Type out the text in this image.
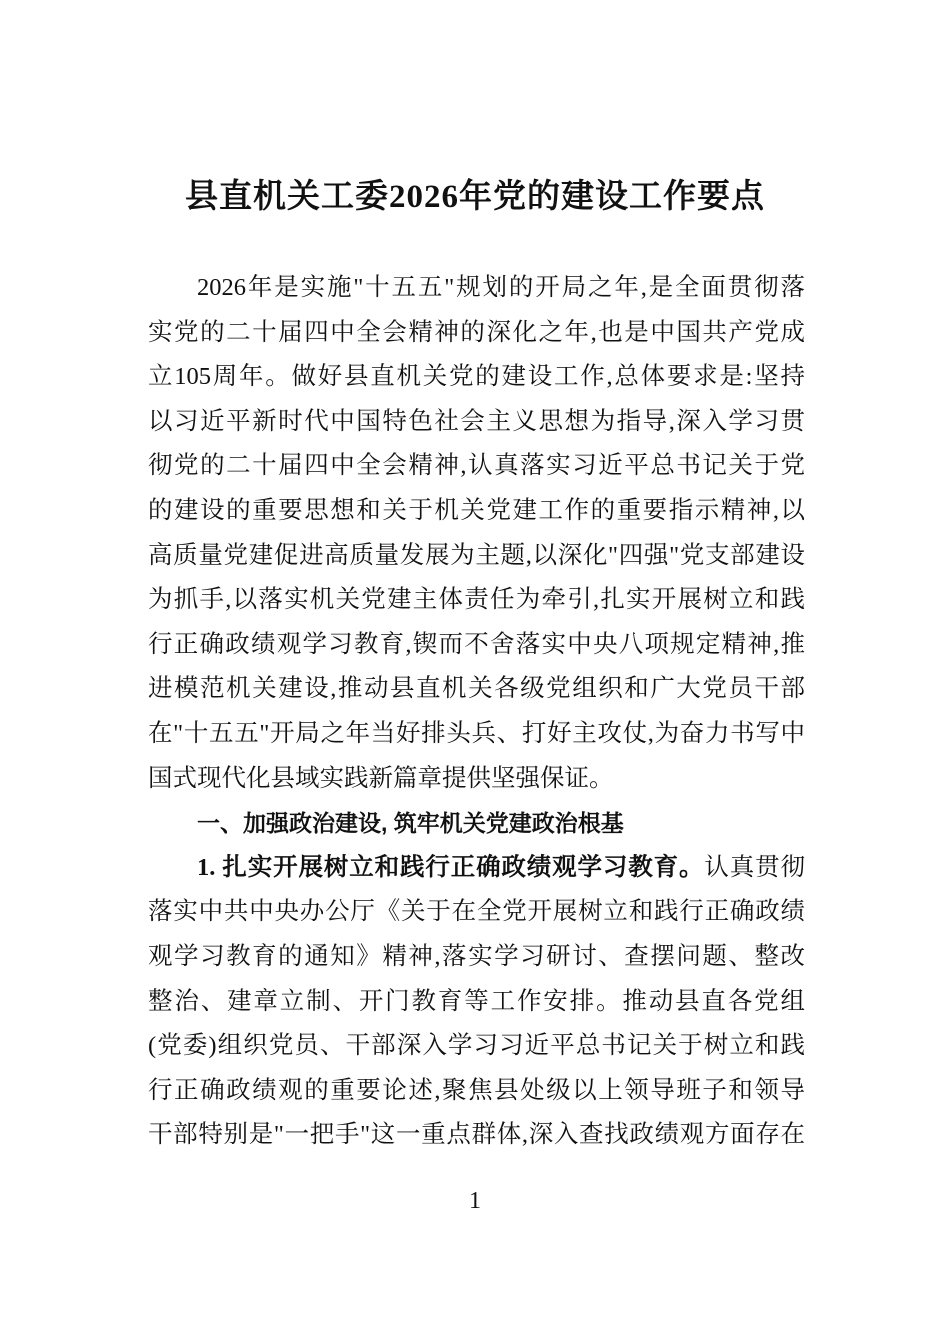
县直机关工委2026年党的建设工作要点
2026年是实施"十五五"规划的开局之年,是全面贯彻落
实党的二十届四中全会精神的深化之年,也是中国共产党成
立105周年。做好县直机关党的建设工作,总体要求是:坚持
以习近平新时代中国特色社会主义思想为指导,深入学习贯
彻党的二十届四中全会精神,认真落实习近平总书记关于党
的建设的重要思想和关于机关党建工作的重要指示精神,以
高质量党建促进高质量发展为主题,以深化"四强"党支部建设
为抓手,以落实机关党建主体责任为牵引,扎实开展树立和践
行正确政绩观学习教育,锲而不舍落实中央八项规定精神,推
进模范机关建设,推动县直机关各级党组织和广大党员干部
在"十五五"开局之年当好排头兵、打好主攻仗,为奋力书写中
国式现代化县域实践新篇章提供坚强保证。
一、加强政治建设, 筑牢机关党建政治根基
1. 扎实开展树立和践行正确政绩观学习教育。认真贯彻
落实中共中央办公厅《关于在全党开展树立和践行正确政绩
观学习教育的通知》精神,落实学习研讨、查摆问题、整改
整治、建章立制、开门教育等工作安排。推动县直各党组
(党委)组织党员、干部深入学习习近平总书记关于树立和践
行正确政绩观的重要论述,聚焦县处级以上领导班子和领导
干部特别是"一把手"这一重点群体,深入查找政绩观方面存在
1
